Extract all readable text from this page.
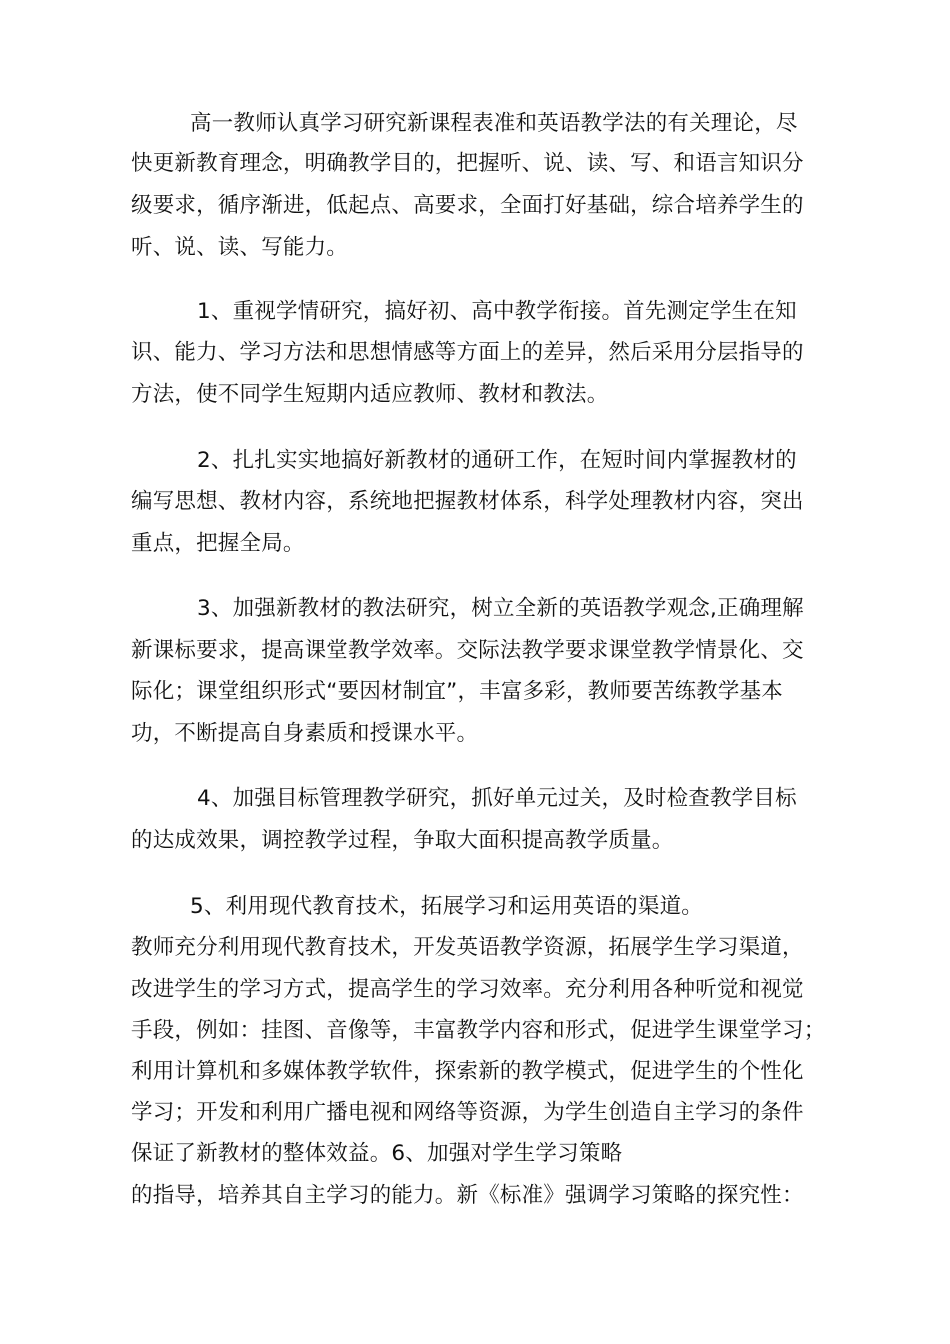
高一教师认真学习研究新课程表准和英语教学法的有关理论，尽
快更新教育理念，明确教学目的，把握听、说、读、写、和语言知识分
级要求，循序渐进，低起点、高要求，全面打好基础，综合培养学生的
听、说、读、写能力。
1、重视学情研究，搞好初、高中教学衔接。首先测定学生在知
识、能力、学习方法和思想情感等方面上的差异，然后采用分层指导的
方法，使不同学生短期内适应教师、教材和教法。
2、扎扎实实地搞好新教材的通研工作，在短时间内掌握教材的
编写思想、教材内容，系统地把握教材体系，科学处理教材内容，突出
重点，把握全局。
3、加强新教材的教法研究，树立全新的英语教学观念,正确理解
新课标要求，提高课堂教学效率。交际法教学要求课堂教学情景化、交
际化；课堂组织形式“要因材制宜”，丰富多彩，教师要苦练教学基本
功，不断提高自身素质和授课水平。
4、加强目标管理教学研究，抓好单元过关，及时检查教学目标
的达成效果，调控教学过程，争取大面积提高教学质量。
5、利用现代教育技术，拓展学习和运用英语的渠道。
教师充分利用现代教育技术，开发英语教学资源，拓展学生学习渠道，
改进学生的学习方式，提高学生的学习效率。充分利用各种听觉和视觉
手段，例如：挂图、音像等，丰富教学内容和形式，促进学生课堂学习；
利用计算机和多媒体教学软件，探索新的教学模式，促进学生的个性化
学习；开发和利用广播电视和网络等资源，为学生创造自主学习的条件
保证了新教材的整体效益。6、加强对学生学习策略
的指导，培养其自主学习的能力。新《标准》强调学习策略的探究性：
